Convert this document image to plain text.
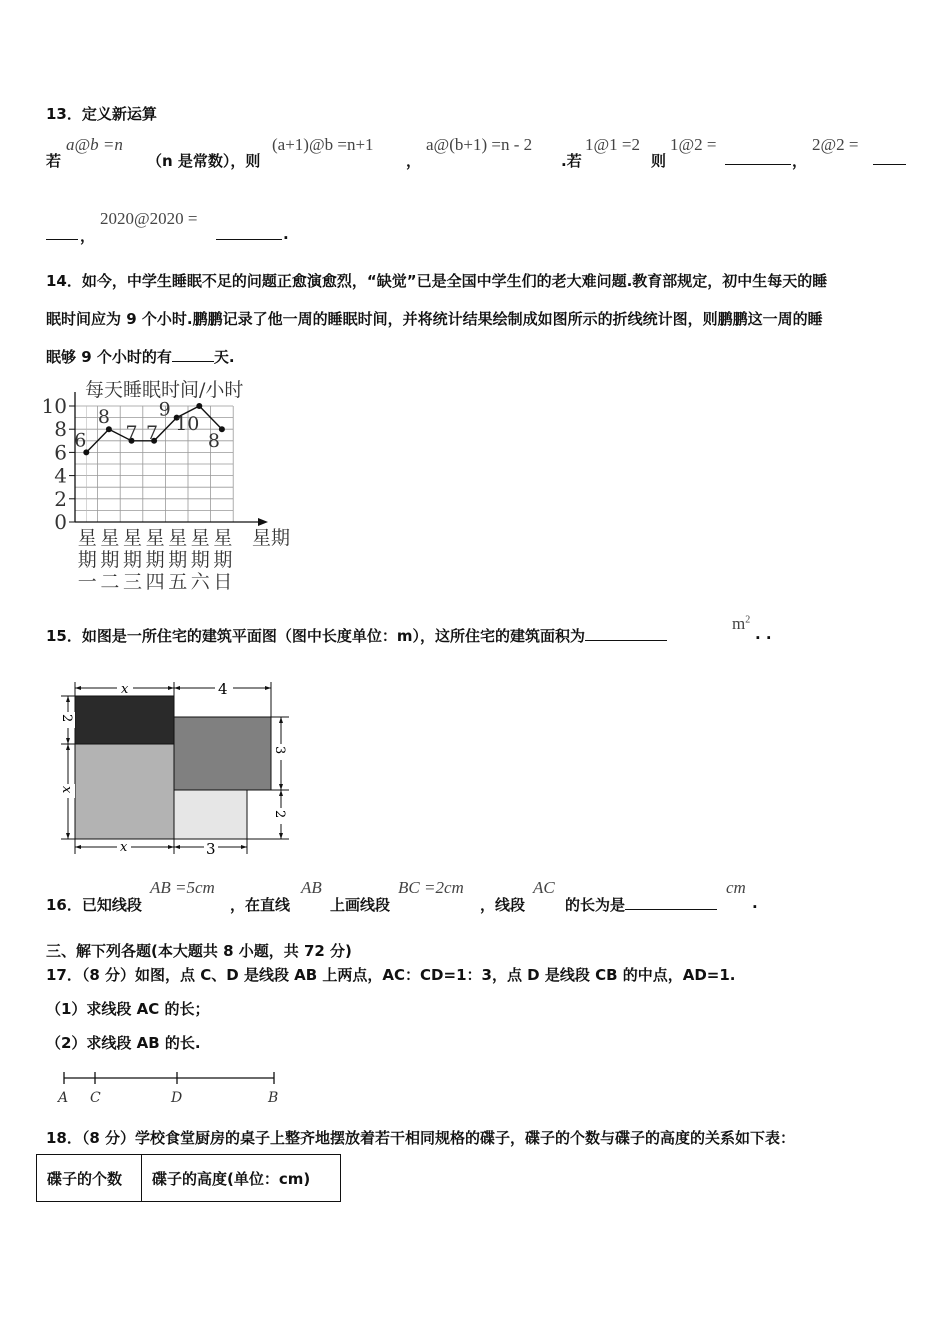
13．定义新运算
若
a@b =n
（n 是常数），则
(a+1)@b =n+1
，
a@(b+1) =n - 2
.若
1@1 =2
则
1@2 =
，
2@2 =
，
2020@2020 =
.
14．如今，中学生睡眠不足的问题正愈演愈烈，“缺觉”已是全国中学生们的老大难问题.教育部规定，初中生每天的睡
眠时间应为 9 个小时.鹏鹏记录了他一周的睡眠时间，并将统计结果绘制成如图所示的折线统计图，则鹏鹏这一周的睡
眠够 9 个小时的有	天.
0
2
4
6
8
10
6
8
7 7
9
10
8
星
期
一
星
期
二
星
期
三
星
期
四
星
期
五
星
期
六
星
期
日
每天睡眠时间/小时
星期
15．如图是一所住宅的建筑平面图（图中长度单位：m），这所住宅的建筑面积为
$m^2$
. .
x	4
2
x
3
2
x	3
16．已知线段
AB =5cm
，在直线
AB
上画线段
BC =2cm
，线段
AC
的长为是
cm
.
三、解下列各题(本大题共 8 小题，共 72 分)
17．（8 分）如图，点 C、D 是线段 AB 上两点，AC：CD=1：3，点 D 是线段 CB 的中点，AD=1.
（1）求线段 AC 的长；
（2）求线段 AB 的长.
A C	D	B
18．（8 分）学校食堂厨房的桌子上整齐地摆放着若干相同规格的碟子，碟子的个数与碟子的高度的关系如下表：
碟子的个数	碟子的高度(单位：cm)
